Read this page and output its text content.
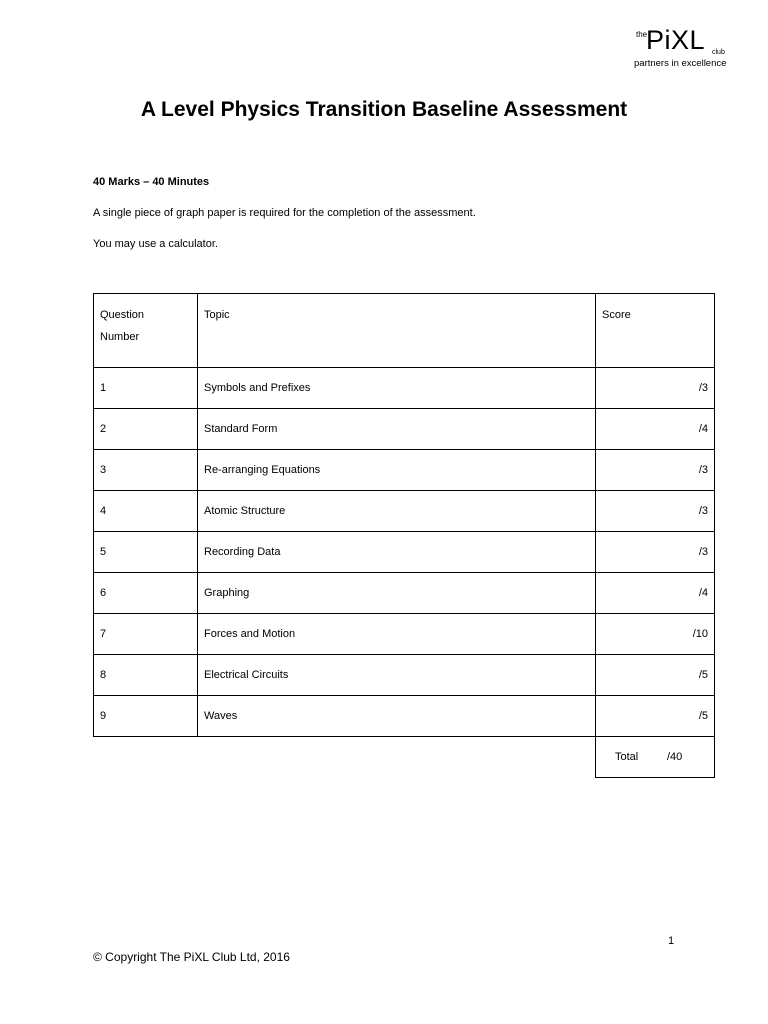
the
PiXL club
partners in excellence
A Level Physics Transition Baseline Assessment
40 Marks – 40 Minutes
A single piece of graph paper is required for the completion of the assessment.
You may use a calculator.
Question
Number	Topic	Score
1	Symbols and Prefixes	/3
2	Standard Form	/4
3	Re-arranging Equations	/3
4	Atomic Structure	/3
5	Recording Data	/3
6	Graphing	/4
7	Forces and Motion	/10
8	Electrical Circuits	/5
9	Waves	/5
		Total /40
1
© Copyright The PiXL Club Ltd, 2016
